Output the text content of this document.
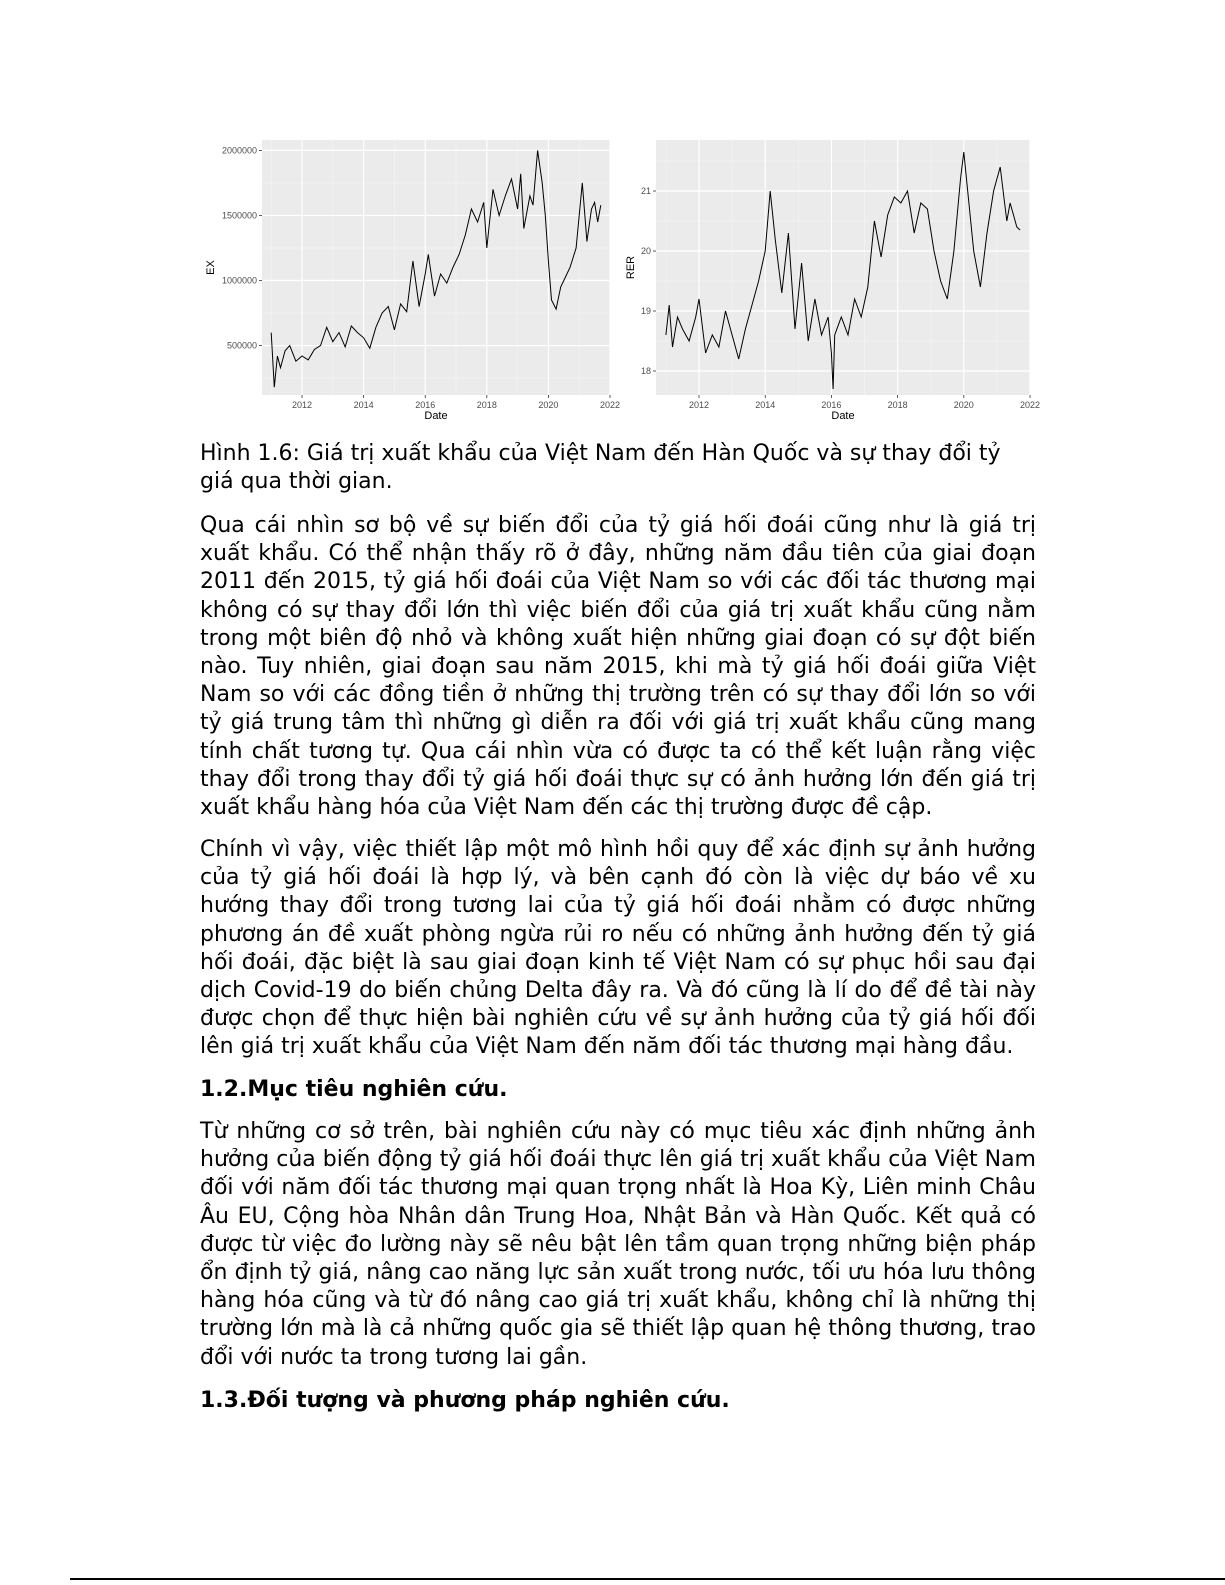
2012	2014	2016	2018	2020	2022
500000
1000000
1500000
2000000
Date
EX
2012	2014	2016	2018	2020	2022
18
19
20
21
Date
RER
Hình 1.6: Giá trị xuất khẩu của Việt Nam đến Hàn Quốc và sự thay đổi tỷ giá qua thời gian.
Qua cái nhìn sơ bộ về sự biến đổi của tỷ giá hối đoái cũng như là giá trị xuất khẩu. Có thể nhận thấy rõ ở đây, những năm đầu tiên của giai đoạn 2011 đến 2015, tỷ giá hối đoái của Việt Nam so với các đối tác thương mại không có sự thay đổi lớn thì việc biến đổi của giá trị xuất khẩu cũng nằm trong một biên độ nhỏ và không xuất hiện những giai đoạn có sự đột biến nào. Tuy nhiên, giai đoạn sau năm 2015, khi mà tỷ giá hối đoái giữa Việt Nam so với các đồng tiền ở những thị trường trên có sự thay đổi lớn so với tỷ giá trung tâm thì những gì diễn ra đối với giá trị xuất khẩu cũng mang tính chất tương tự. Qua cái nhìn vừa có được ta có thể kết luận rằng việc thay đổi trong thay đổi tỷ giá hối đoái thực sự có ảnh hưởng lớn đến giá trị xuất khẩu hàng hóa của Việt Nam đến các thị trường được đề cập.
Chính vì vậy, việc thiết lập một mô hình hồi quy để xác định sự ảnh hưởng của tỷ giá hối đoái là hợp lý, và bên cạnh đó còn là việc dự báo về xu hướng thay đổi trong tương lai của tỷ giá hối đoái nhằm có được những phương án đề xuất phòng ngừa rủi ro nếu có những ảnh hưởng đến tỷ giá hối đoái, đặc biệt là sau giai đoạn kinh tế Việt Nam có sự phục hồi sau đại dịch Covid-19 do biến chủng Delta đây ra. Và đó cũng là lí do để đề tài này được chọn để thực hiện bài nghiên cứu về sự ảnh hưởng của tỷ giá hối đối lên giá trị xuất khẩu của Việt Nam đến năm đối tác thương mại hàng đầu.
1.2.Mục tiêu nghiên cứu.
Từ những cơ sở trên, bài nghiên cứu này có mục tiêu xác định những ảnh hưởng của biến động tỷ giá hối đoái thực lên giá trị xuất khẩu của Việt Nam đối với năm đối tác thương mại quan trọng nhất là Hoa Kỳ, Liên minh Châu Âu EU, Cộng hòa Nhân dân Trung Hoa, Nhật Bản và Hàn Quốc. Kết quả có được từ việc đo lường này sẽ nêu bật lên tầm quan trọng những biện pháp ổn định tỷ giá, nâng cao năng lực sản xuất trong nước, tối ưu hóa lưu thông hàng hóa cũng và từ đó nâng cao giá trị xuất khẩu, không chỉ là những thị trường lớn mà là cả những quốc gia sẽ thiết lập quan hệ thông thương, trao đổi với nước ta trong tương lai gần.
1.3.Đối tượng và phương pháp nghiên cứu.
